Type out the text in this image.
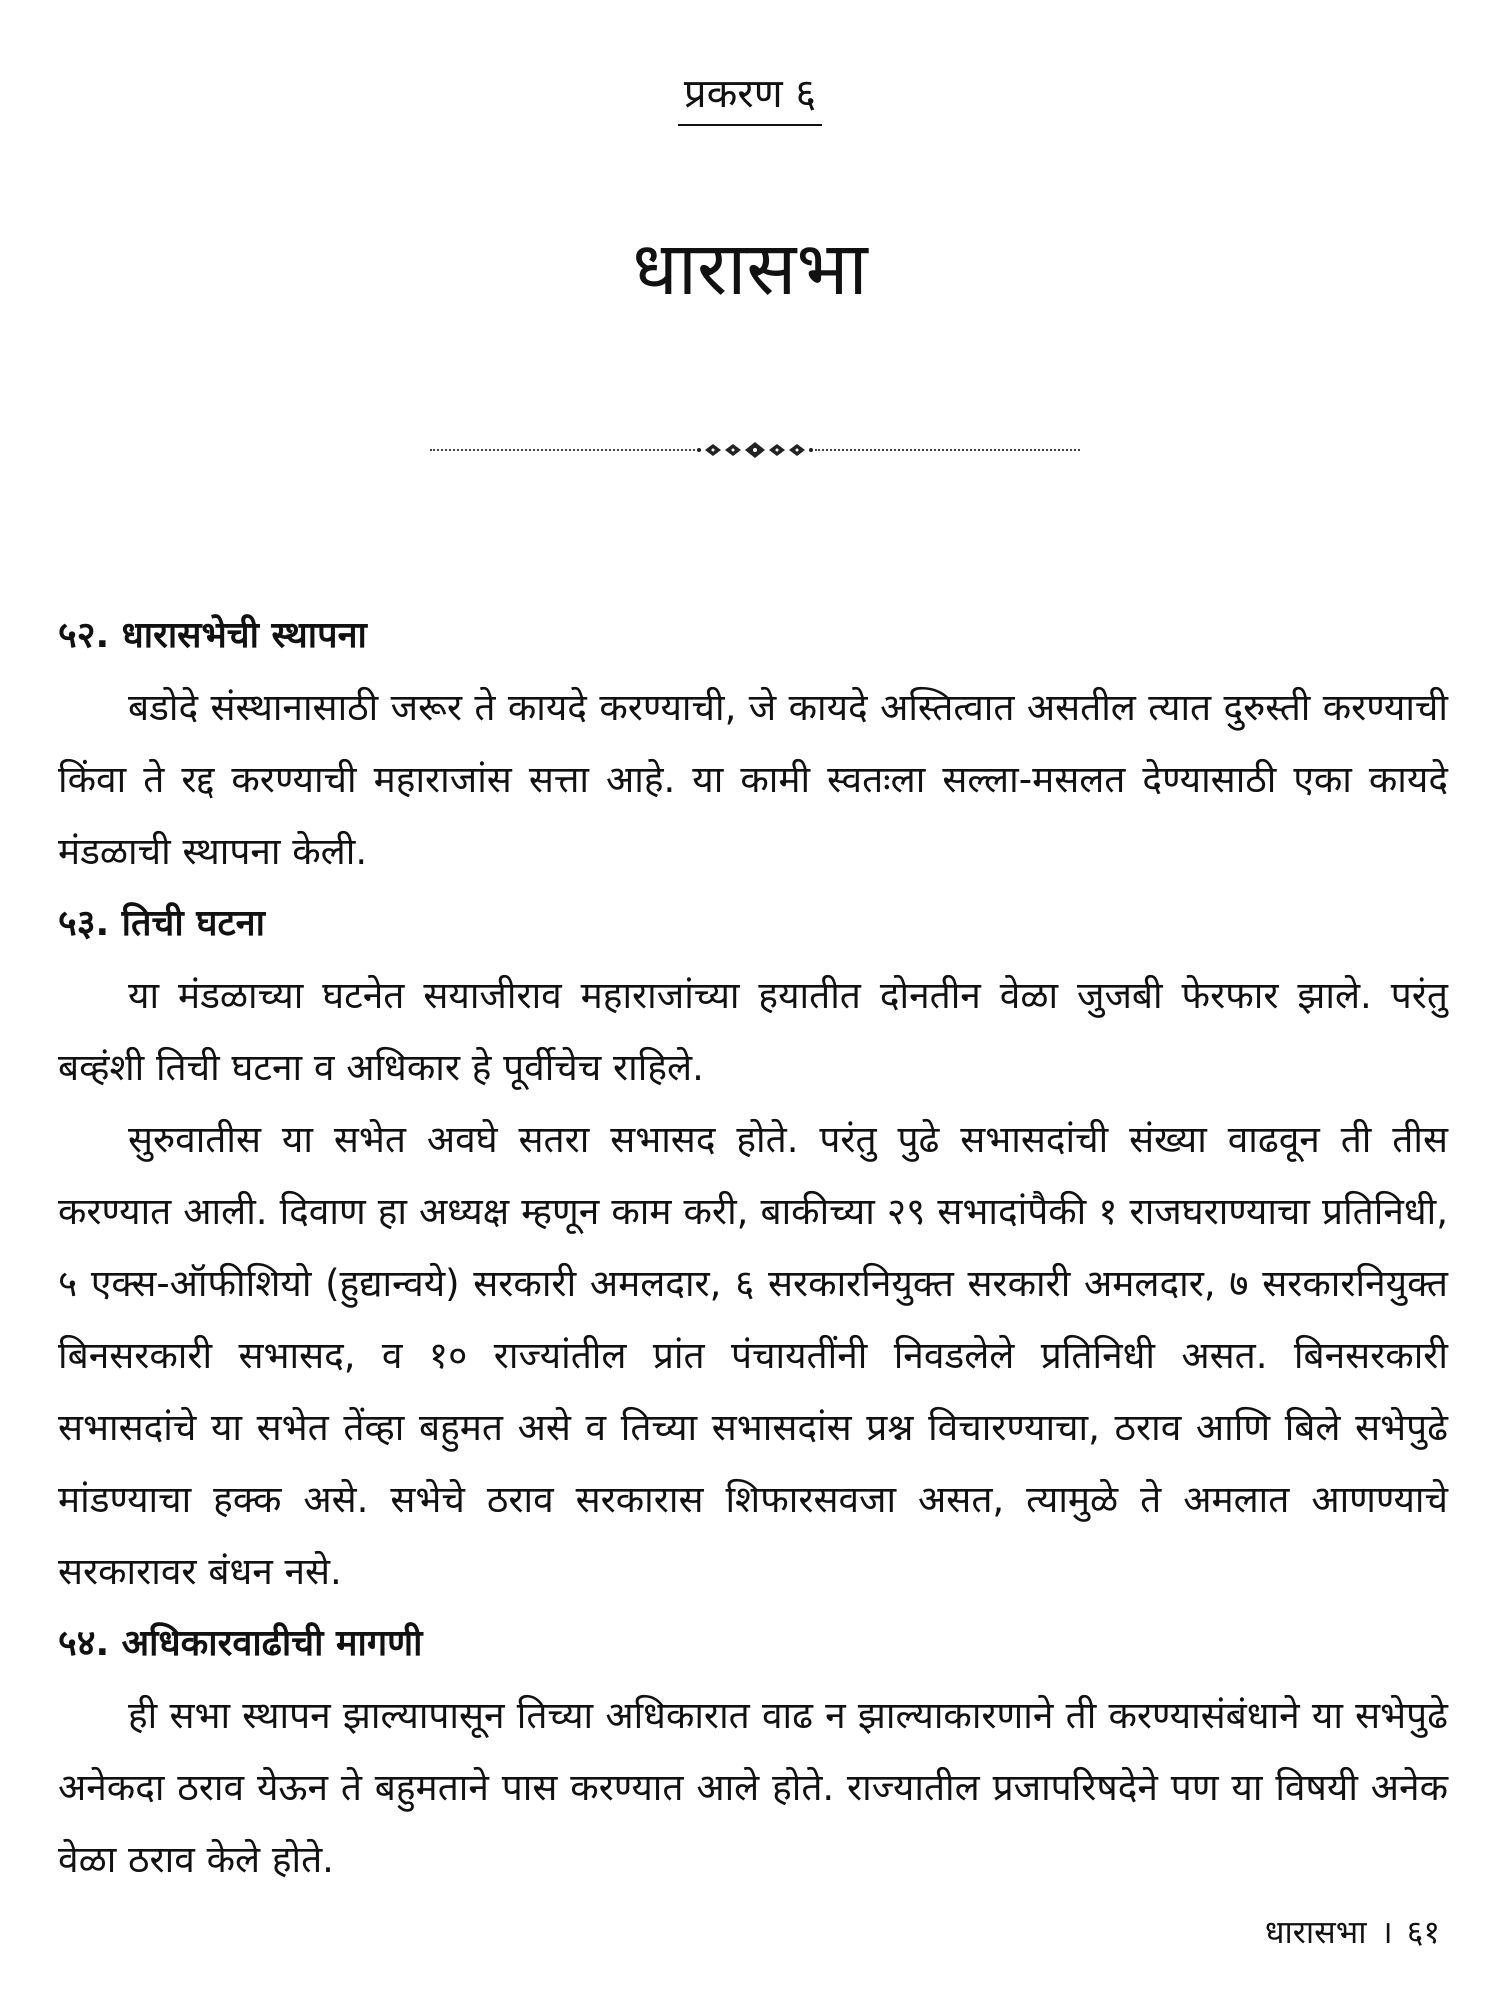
प्रकरण ६
धारासभा
५२. धारासभेची स्थापना

बडोदे संस्थानासाठी जरूर ते कायदे करण्याची, जे कायदे अस्तित्वात असतील त्यात दुरुस्ती करण्याची किंवा ते रद्द करण्याची महाराजांस सत्ता आहे. या कामी स्वतःला सल्ला-मसलत देण्यासाठी एका कायदे मंडळाची स्थापना केली.

५३. तिची घटना

या मंडळाच्या घटनेत सयाजीराव महाराजांच्या हयातीत दोनतीन वेळा जुजबी फेरफार झाले. परंतु बव्हंशी तिची घटना व अधिकार हे पूर्वीचेच राहिले.

सुरुवातीस या सभेत अवघे सतरा सभासद होते. परंतु पुढे सभासदांची संख्या वाढवून ती तीस करण्यात आली. दिवाण हा अध्यक्ष म्हणून काम करी, बाकीच्या २९ सभादांपैकी १ राजघराण्याचा प्रतिनिधी, ५ एक्स-ऑफीशियो (हुद्यान्वये) सरकारी अमलदार, ६ सरकारनियुक्त सरकारी अमलदार, ७ सरकारनियुक्त बिनसरकारी सभासद, व १० राज्यांतील प्रांत पंचायतींनी निवडलेले प्रतिनिधी असत. बिनसरकारी सभासदांचे या सभेत तेंव्हा बहुमत असे व तिच्या सभासदांस प्रश्न विचारण्याचा, ठराव आणि बिले सभेपुढे मांडण्याचा हक्क असे. सभेचे ठराव सरकारास शिफारसवजा असत, त्यामुळे ते अमलात आणण्याचे सरकारावर बंधन नसे.

५४. अधिकारवाढीची मागणी

ही सभा स्थापन झाल्यापासून तिच्या अधिकारात वाढ न झाल्याकारणाने ती करण्यासंबंधाने या सभेपुढे अनेकदा ठराव येऊन ते बहुमताने पास करण्यात आले होते. राज्यातील प्रजापरिषदेने पण या विषयी अनेक वेळा ठराव केले होते.

धारासभा । ६१
